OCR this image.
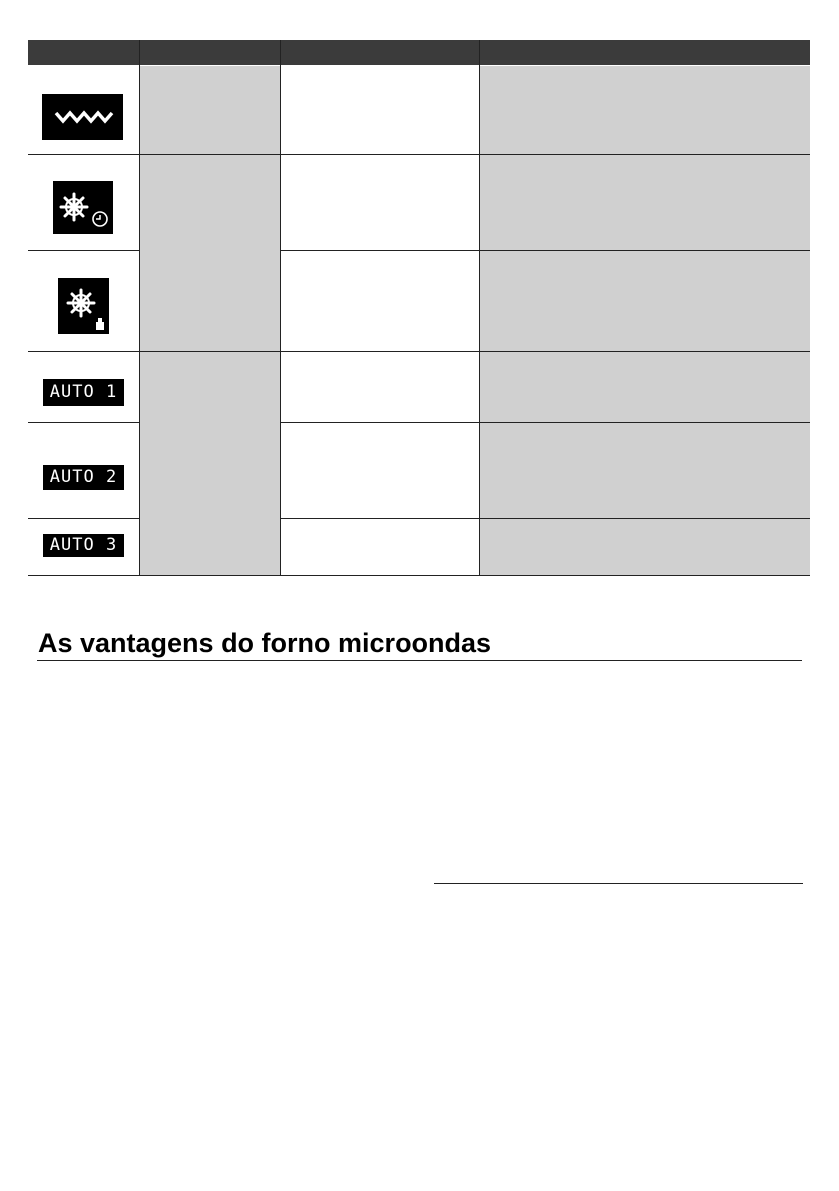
AUTO 1
AUTO 2
AUTO 3
As vantagens do forno microondas
